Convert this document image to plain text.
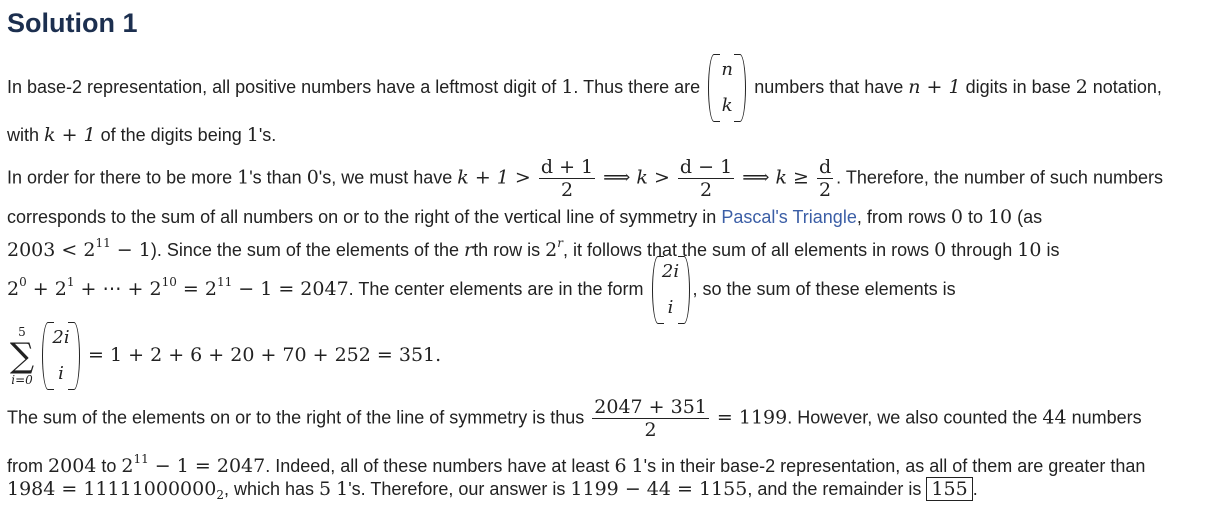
Solution 1
In base-2 representation, all positive numbers have a leftmost digit of 1. Thus there are
n
k
numbers that have n + 1 digits in base 2 notation,
with k + 1 of the digits being 1's.
In order for there to be more 1's than 0's, we must have $k + 1 > \frac{d + 1}{2}$ ⟹ $k > \frac{d - 1}{2}$ ⟹ $k \ge \frac{d}{2}$ . Therefore, the number of such numbers
corresponds to the sum of all numbers on or to the right of the vertical line of symmetry in Pascal's Triangle, from rows 0 to 10 (as
$2003 < 2^{11} - 1$). Since the sum of the elements of the rth row is 2$^r$, it follows that the sum of all elements in rows 0 through 10 is
$2^0 + 2^1$ + ⋯ + $2^{10} = 2^{11} - 1 = 2047$. The center elements are in the form
2i
i
, so the sum of these elements is
5
∑
i=0
2i
i
= 1 + 2 + 6 + 20 + 70 + 252 = 351.
The sum of the elements on or to the right of the line of symmetry is thus $\frac{2047 + 351}{2} = 1199$. However, we also counted the 44 numbers
from 2004 to $2^{11} - 1 = 2047$. Indeed, all of these numbers have at least 6 1's in their base-2 representation, as all of them are greater than
$1984 = 11111000000_2$, which has 5 1's. Therefore, our answer is 1199 − 44 = 1155, and the remainder is 155 .
